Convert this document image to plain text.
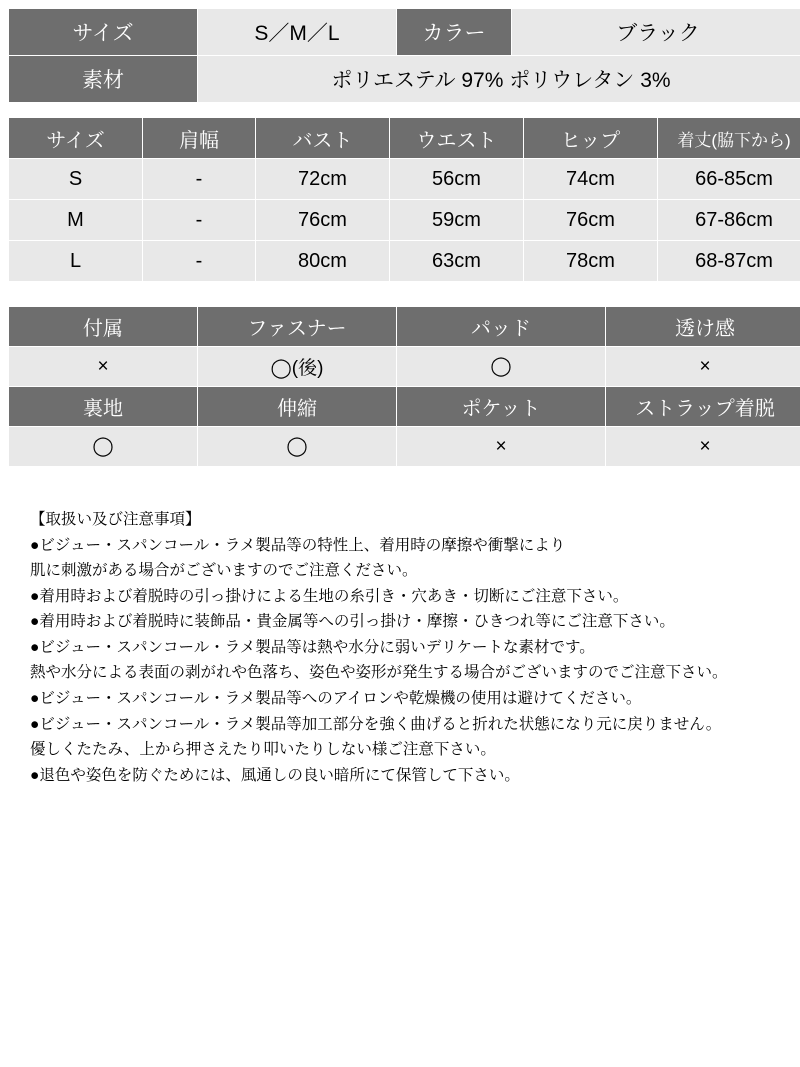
サイズ	S／M／L	カラー	ブラック
素材	ポリエステル 97% ポリウレタン 3%		
サイズ	肩幅	バスト	ウエスト	ヒップ	着丈(脇下から)
S	-	72cm	56cm	74cm	66-85cm
M	-	76cm	59cm	76cm	67-86cm
L	-	80cm	63cm	78cm	68-87cm
付属	ファスナー	パッド	透け感
×	◯(後)	◯	×
裏地	伸縮	ポケット	ストラップ着脱
◯	◯	×	×
【取扱い及び注意事項】
●ビジュー・スパンコール・ラメ製品等の特性上、着用時の摩擦や衝撃により
肌に刺激がある場合がございますのでご注意ください。
●着用時および着脱時の引っ掛けによる生地の糸引き・穴あき・切断にご注意下さい。
●着用時および着脱時に装飾品・貴金属等への引っ掛け・摩擦・ひきつれ等にご注意下さい。
●ビジュー・スパンコール・ラメ製品等は熱や水分に弱いデリケートな素材です。
熱や水分による表面の剥がれや色落ち、姿色や姿形が発生する場合がございますのでご注意下さい。
●ビジュー・スパンコール・ラメ製品等へのアイロンや乾燥機の使用は避けてください。
●ビジュー・スパンコール・ラメ製品等加工部分を強く曲げると折れた状態になり元に戻りません。
優しくたたみ、上から押さえたり叩いたりしない様ご注意下さい。
●退色や姿色を防ぐためには、風通しの良い暗所にて保管して下さい。
